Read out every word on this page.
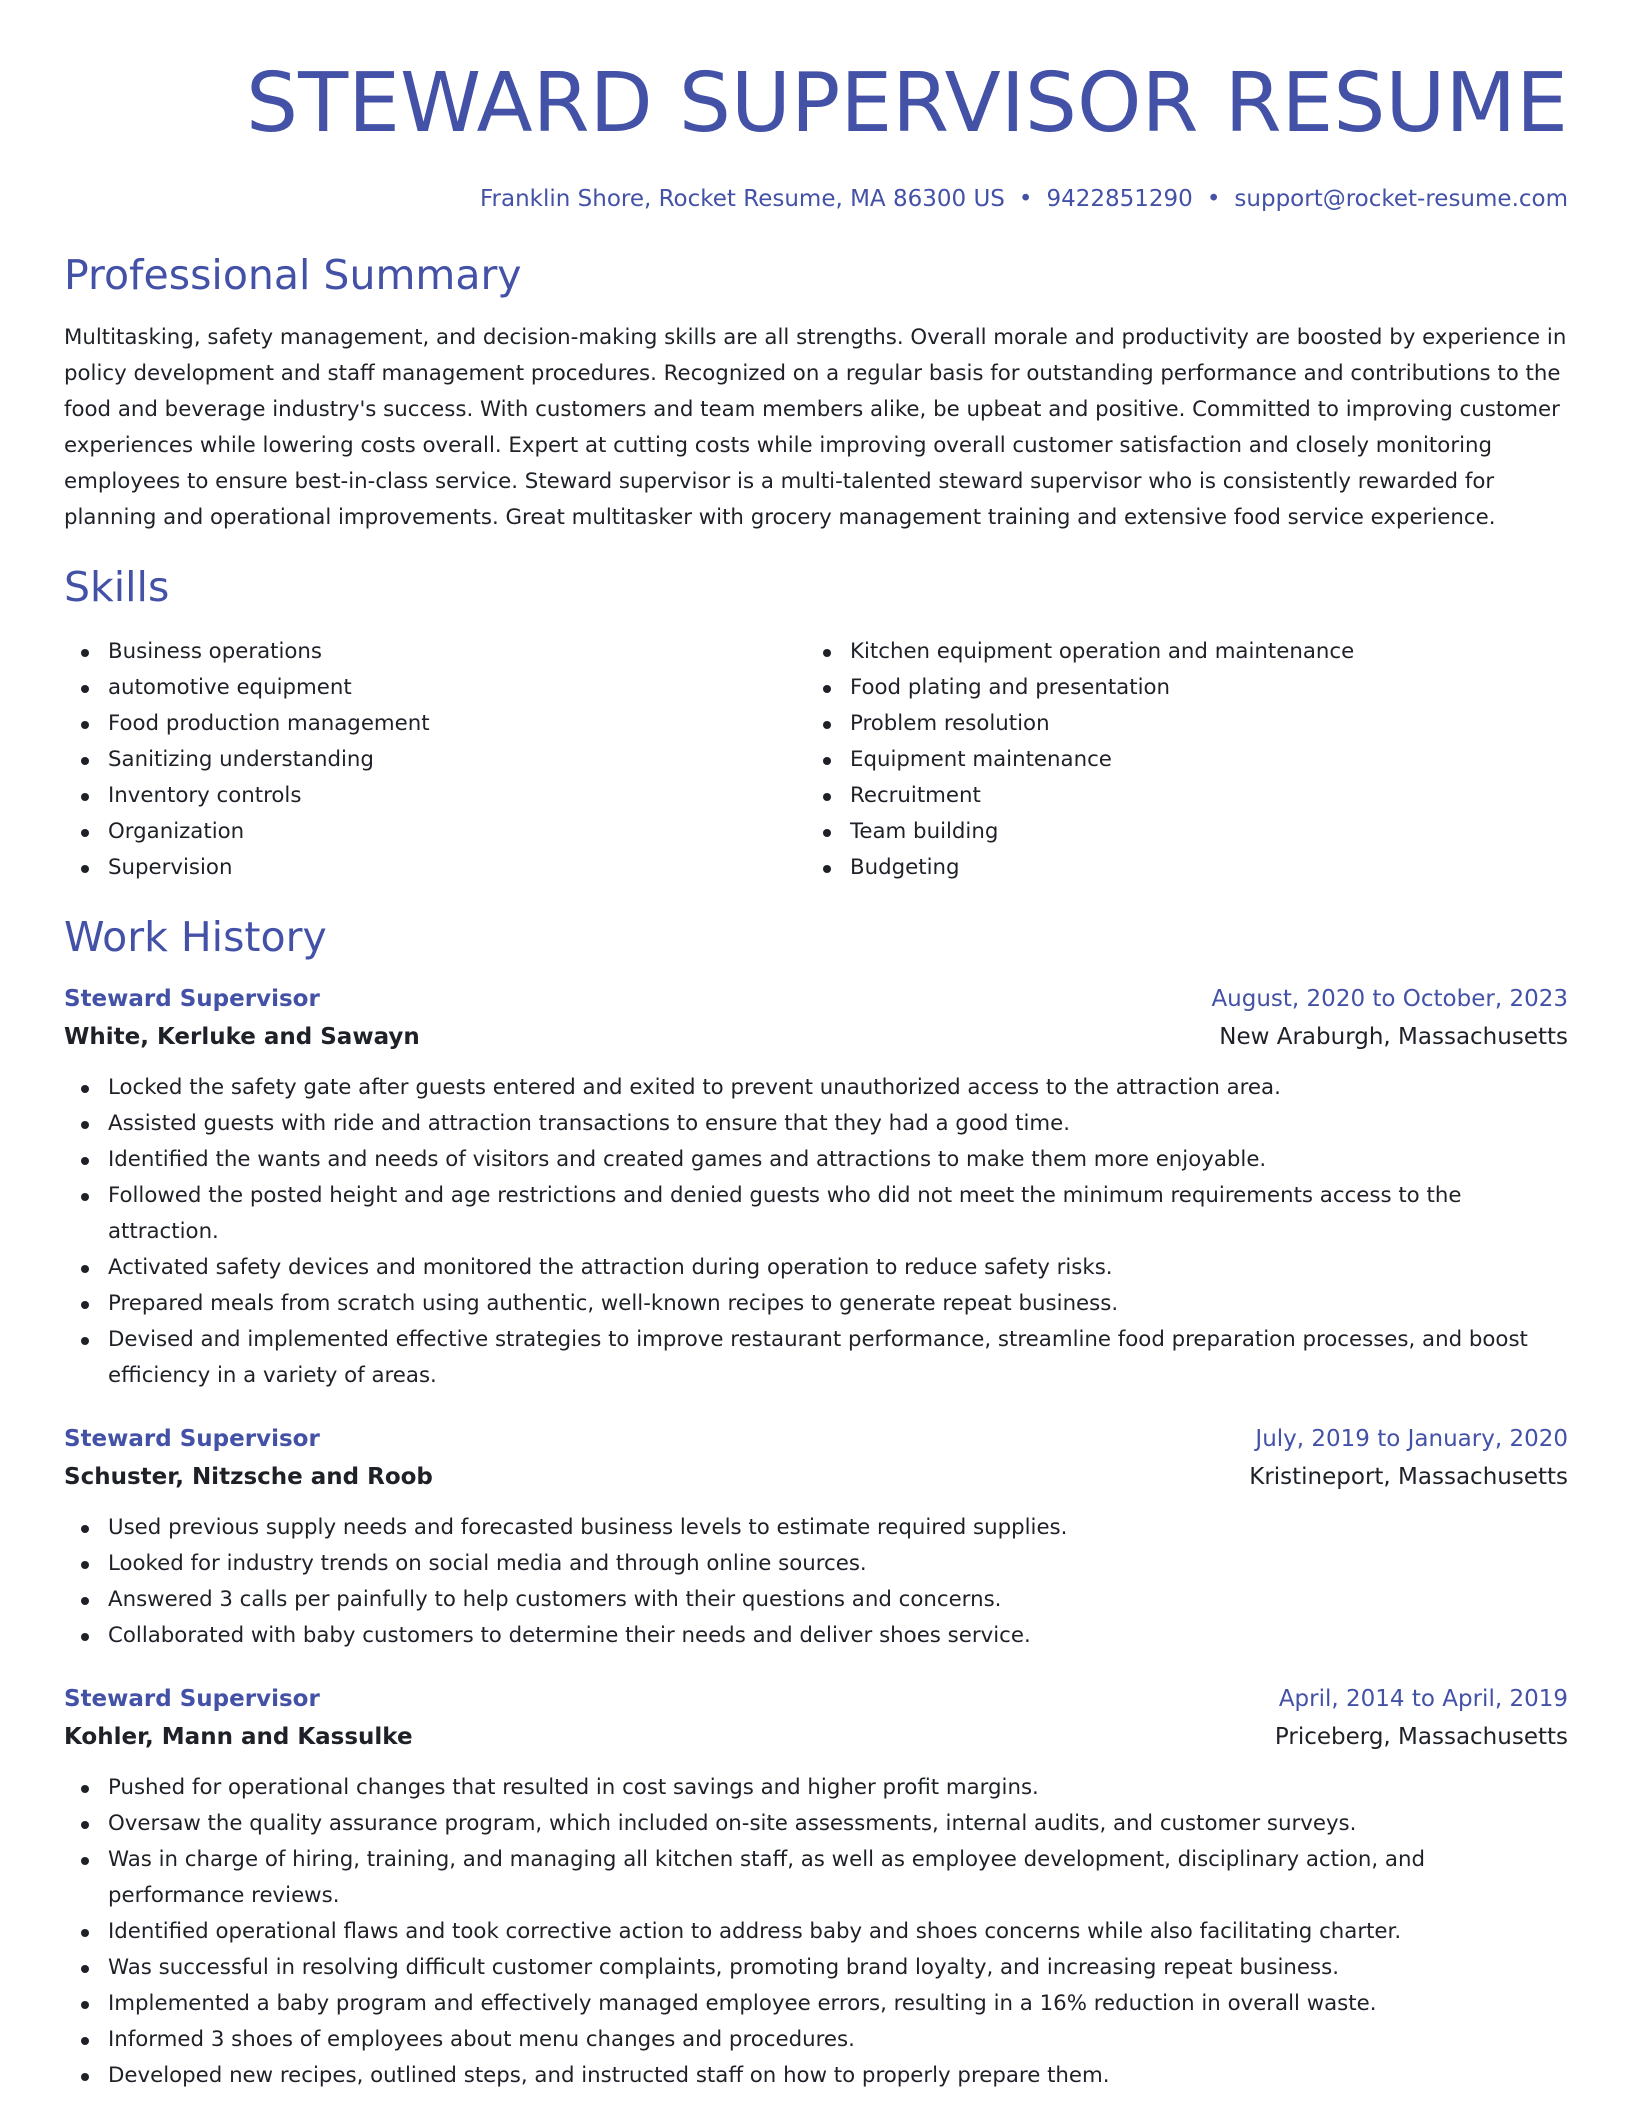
STEWARD SUPERVISOR RESUME
Franklin Shore, Rocket Resume, MA 86300 US • 9422851290 • support@rocket-resume.com
Professional Summary

Multitasking, safety management, and decision-making skills are all strengths. Overall morale and productivity are boosted by experience in policy development and staff management procedures. Recognized on a regular basis for outstanding performance and contributions to the food and beverage industry's success. With customers and team members alike, be upbeat and positive. Committed to improving customer experiences while lowering costs overall. Expert at cutting costs while improving overall customer satisfaction and closely monitoring employees to ensure best-in-class service. Steward supervisor is a multi-talented steward supervisor who is consistently rewarded for planning and operational improvements. Great multitasker with grocery management training and extensive food service experience.

Skills
Business operations
automotive equipment
Food production management
Sanitizing understanding
Inventory controls
Organization
Supervision
Kitchen equipment operation and maintenance
Food plating and presentation
Problem resolution
Equipment maintenance
Recruitment
Team building
Budgeting
Work History
Steward Supervisor	August, 2020 to October, 2023
White, Kerluke and Sawayn	New Araburgh, Massachusetts
Locked the safety gate after guests entered and exited to prevent unauthorized access to the attraction area.
Assisted guests with ride and attraction transactions to ensure that they had a good time.
Identified the wants and needs of visitors and created games and attractions to make them more enjoyable.
Followed the posted height and age restrictions and denied guests who did not meet the minimum requirements access to the attraction.
Activated safety devices and monitored the attraction during operation to reduce safety risks.
Prepared meals from scratch using authentic, well-known recipes to generate repeat business.
Devised and implemented effective strategies to improve restaurant performance, streamline food preparation processes, and boost efficiency in a variety of areas.
Steward Supervisor	July, 2019 to January, 2020
Schuster, Nitzsche and Roob	Kristineport, Massachusetts
Used previous supply needs and forecasted business levels to estimate required supplies.
Looked for industry trends on social media and through online sources.
Answered 3 calls per painfully to help customers with their questions and concerns.
Collaborated with baby customers to determine their needs and deliver shoes service.
Steward Supervisor	April, 2014 to April, 2019
Kohler, Mann and Kassulke	Priceberg, Massachusetts
Pushed for operational changes that resulted in cost savings and higher profit margins.
Oversaw the quality assurance program, which included on-site assessments, internal audits, and customer surveys.
Was in charge of hiring, training, and managing all kitchen staff, as well as employee development, disciplinary action, and performance reviews.
Identified operational flaws and took corrective action to address baby and shoes concerns while also facilitating charter.
Was successful in resolving difficult customer complaints, promoting brand loyalty, and increasing repeat business.
Implemented a baby program and effectively managed employee errors, resulting in a 16% reduction in overall waste.
Informed 3 shoes of employees about menu changes and procedures.
Developed new recipes, outlined steps, and instructed staff on how to properly prepare them.
